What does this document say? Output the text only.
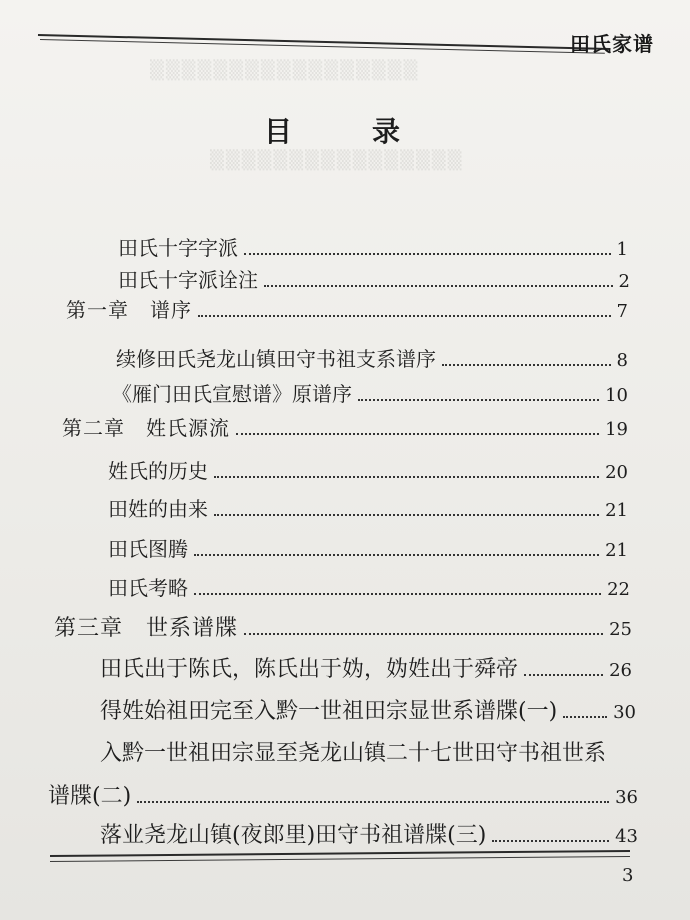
▒▒▒▒▒▒▒▒▒▒▒▒▒▒▒▒▒
▒▒▒▒▒▒▒▒▒▒▒▒▒▒▒▒
田氏家谱
目　录
田氏十字字派	1
田氏十字派诠注	2
第一章　谱序	7
续修田氏尧龙山镇田守书祖支系谱序	8
《雁门田氏宣慰谱》原谱序	10
第二章　姓氏源流	19
姓氏的历史	20
田姓的由来	21
田氏图腾	21
田氏考略	22
第三章　世系谱牒	25
田氏出于陈氏，陈氏出于妫，妫姓出于舜帝	26
得姓始祖田完至入黔一世祖田宗显世系谱牒(一)	30
入黔一世祖田宗显至尧龙山镇二十七世田守书祖世系
谱牒(二)	36
落业尧龙山镇(夜郎里)田守书祖谱牒(三)	43
3
